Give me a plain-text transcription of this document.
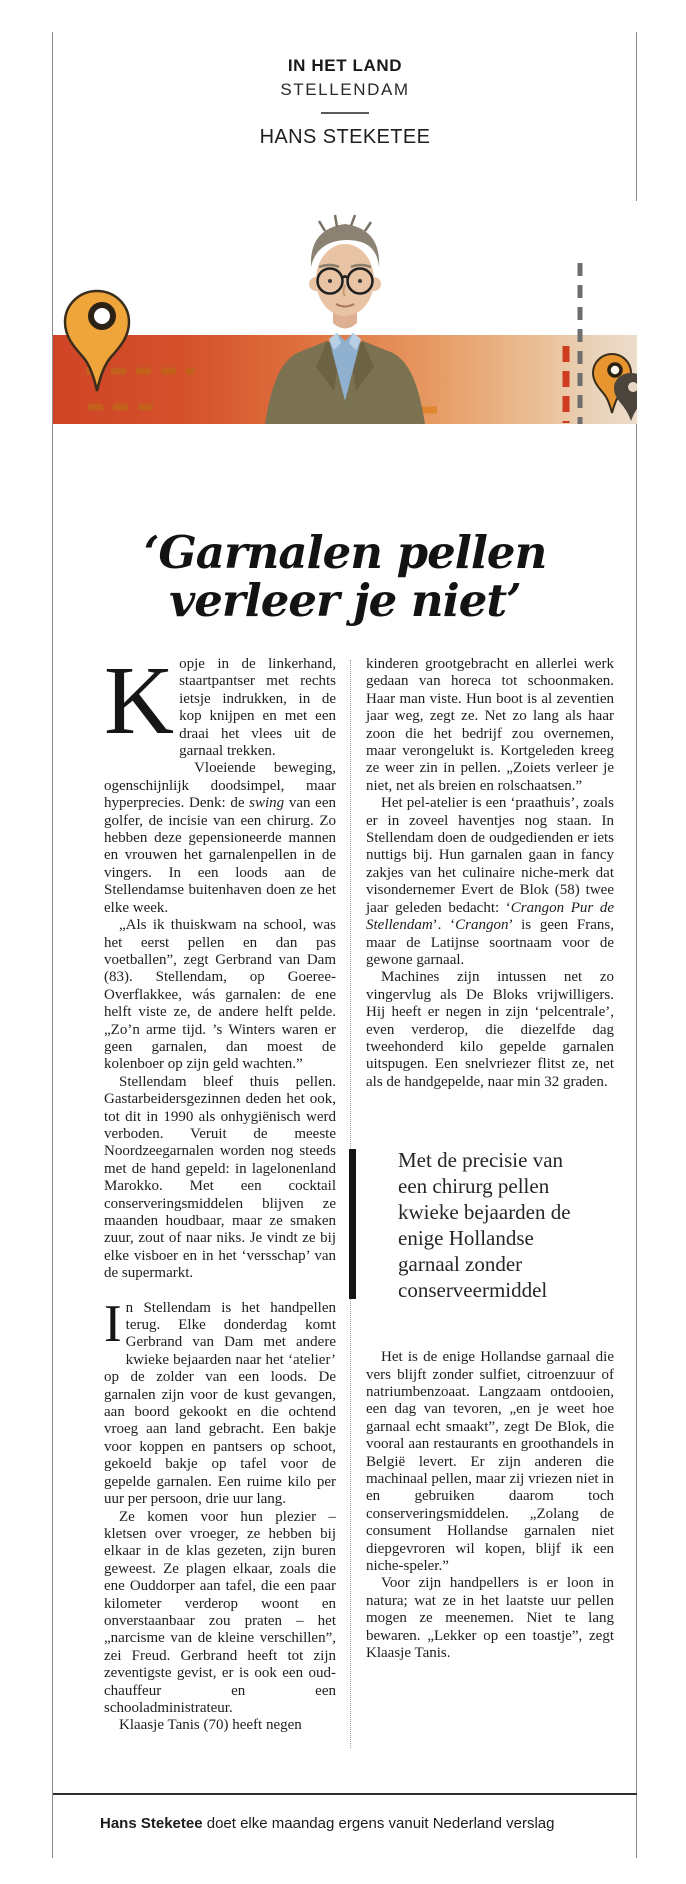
IN HET LAND
STELLENDAM
HANS STEKETEE
‘Garnalen pellen
verleer je niet’

Kopje in de linkerhand, staartpantser met rechts ietsje indrukken, in de kop knijpen en met een draai het vlees uit de garnaal trekken.

Vloeiende beweging, ogenschijnlijk doodsimpel, maar hyperprecies. Denk: de swing van een golfer, de incisie van een chirurg. Zo hebben deze gepensioneerde mannen en vrouwen het garnalenpellen in de vingers. In een loods aan de Stellendamse buitenhaven doen ze het elke week.

„Als ik thuiskwam na school, was het eerst pellen en dan pas voetballen”, zegt Gerbrand van Dam (83). Stellendam, op Goeree-Overflakkee, wás garnalen: de ene helft viste ze, de andere helft pelde. „Zo’n arme tijd. ’s Winters waren er geen garnalen, dan moest de kolenboer op zijn geld wachten.”

Stellendam bleef thuis pellen. Gastarbeidersgezinnen deden het ook, tot dit in 1990 als onhygiënisch werd verboden. Veruit de meeste Noordzeegarnalen worden nog steeds met de hand gepeld: in lagelonenland Marokko. Met een cocktail conserveringsmiddelen blijven ze maanden houdbaar, maar ze smaken zuur, zout of naar niks. Je vindt ze bij elke visboer en in het ‘versschap’ van de supermarkt.

In Stellendam is het handpellen terug. Elke donderdag komt Gerbrand van Dam met andere kwieke bejaarden naar het ‘atelier’ op de zolder van een loods. De garnalen zijn voor de kust gevangen, aan boord gekookt en die ochtend vroeg aan land gebracht. Een bakje voor koppen en pantsers op schoot, gekoeld bakje op tafel voor de gepelde garnalen. Een ruime kilo per uur per persoon, drie uur lang.

Ze komen voor hun plezier – kletsen over vroeger, ze hebben bij elkaar in de klas gezeten, zijn buren geweest. Ze plagen elkaar, zoals die ene Ouddorper aan tafel, die een paar kilometer verderop woont en onverstaanbaar zou praten – het „narcisme van de kleine verschillen”, zei Freud. Gerbrand heeft tot zijn zeventigste gevist, er is ook een oud-chauffeur en een schooladministrateur.

Klaasje Tanis (70) heeft negen

kinderen grootgebracht en allerlei werk gedaan van horeca tot schoonmaken. Haar man viste. Hun boot is al zeventien jaar weg, zegt ze. Net zo lang als haar zoon die het bedrijf zou overnemen, maar verongelukt is. Kortgeleden kreeg ze weer zin in pellen. „Zoiets verleer je niet, net als breien en rolschaatsen.”

Het pel-atelier is een ‘praathuis’, zoals er in zoveel haventjes nog staan. In Stellendam doen de oudgedienden er iets nuttigs bij. Hun garnalen gaan in fancy zakjes van het culinaire niche-merk dat visondernemer Evert de Blok (58) twee jaar geleden bedacht: ‘Crangon Pur de Stellendam’. ‘Crangon’ is geen Frans, maar de Latijnse soortnaam voor de gewone garnaal.

Machines zijn intussen net zo vingervlug als De Bloks vrijwilligers. Hij heeft er negen in zijn ‘pelcentrale’, even verderop, die diezelfde dag tweehonderd kilo gepelde garnalen uitspugen. Een snelvriezer flitst ze, net als de handgepelde, naar min 32 graden.

Met de precisie van een chirurg pellen kwieke bejaarden de enige Hollandse garnaal zonder conserveermiddel

Het is de enige Hollandse garnaal die vers blijft zonder sulfiet, citroenzuur of natriumbenzoaat. Langzaam ontdooien, een dag van tevoren, „en je weet hoe garnaal echt smaakt”, zegt De Blok, die vooral aan restaurants en groothandels in België levert. Er zijn anderen die machinaal pellen, maar zij vriezen niet in en gebruiken daarom toch conserveringsmiddelen. „Zolang de consument Hollandse garnalen niet diepgevroren wil kopen, blijf ik een niche-speler.”

Voor zijn handpellers is er loon in natura; wat ze in het laatste uur pellen mogen ze meenemen. Niet te lang bewaren. „Lekker op een toastje”, zegt Klaasje Tanis.

Hans Steketee doet elke maandag ergens vanuit Nederland verslag
